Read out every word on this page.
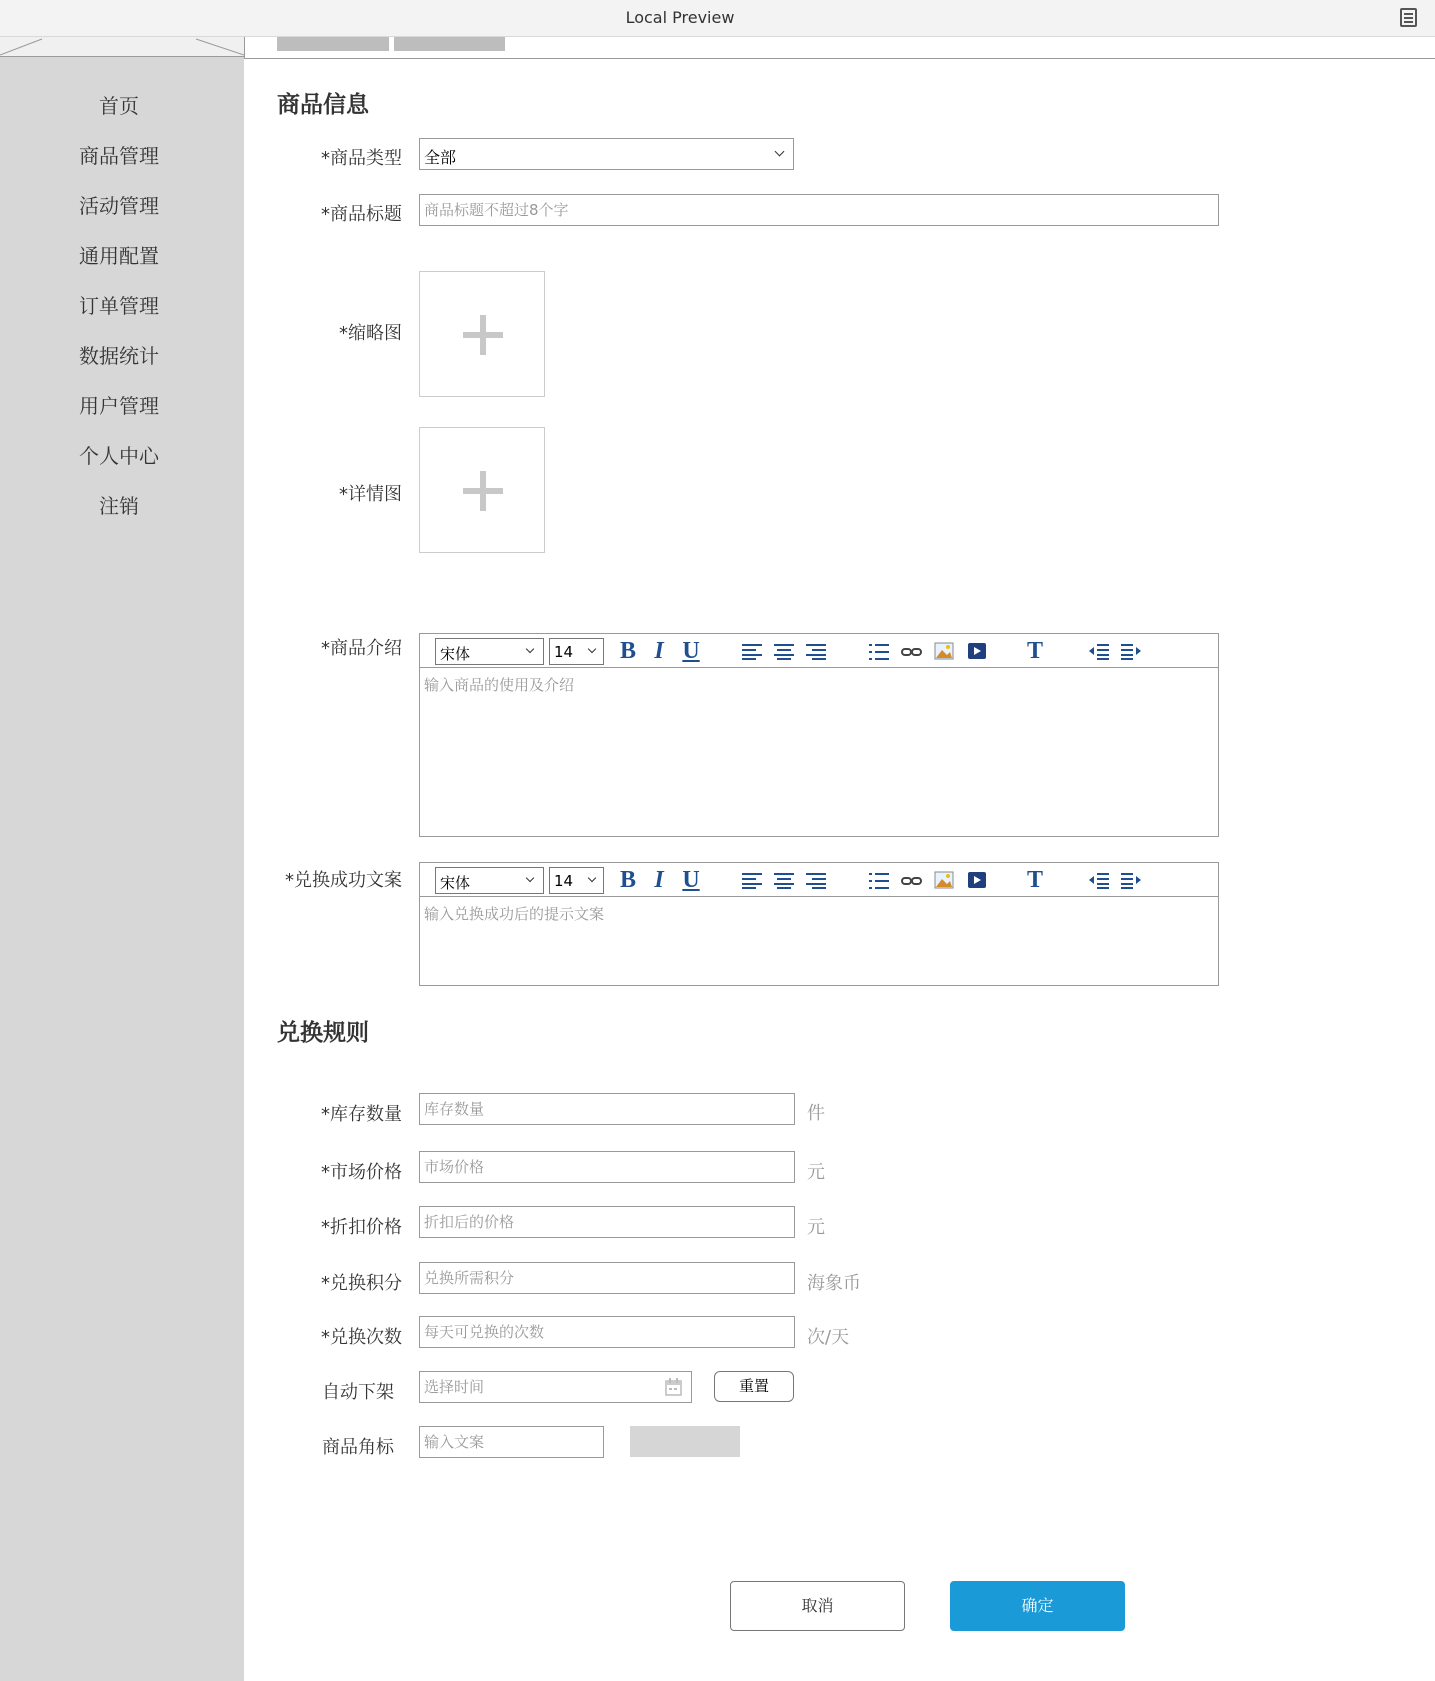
Local Preview
首页
商品管理
活动管理
通用配置
订单管理
数据统计
用户管理
个人中心
注销
商品信息
*商品类型	全部
*商品标题	商品标题不超过8个字
*缩略图
*详情图
*商品介绍	宋体	14	B I U	T
输入商品的使用及介绍
*兑换成功文案	宋体	14	B I U	T
输入兑换成功后的提示文案
兑换规则
*库存数量	库存数量	件
*市场价格	市场价格	元
*折扣价格	折扣后的价格	元
*兑换积分	兑换所需积分	海象币
*兑换次数	每天可兑换的次数	次/天
自动下架	选择时间	重置
商品角标	输入文案
取消	确定
